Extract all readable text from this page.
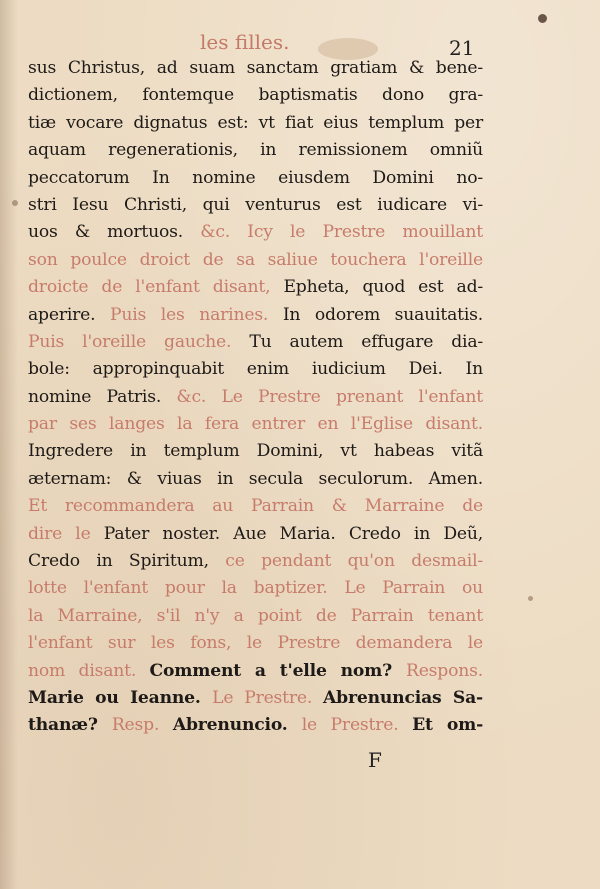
les filles.	21
sus Christus, ad suam sanctam gratiam & bene-
dictionem, fontemque baptismatis dono gra-
tiæ vocare dignatus est: vt fiat eius templum per
aquam regenerationis, in remissionem omniũ
peccatorum In nomine eiusdem Domini no-
stri Iesu Christi, qui venturus est iudicare vi-
uos & mortuos. &c. Icy le Prestre mouillant
son poulce droict de sa saliue touchera l'oreille
droicte de l'enfant disant, Ephеta, quod est ad-
aperire. Puis les narines. In odorem suauitatis.
Puis l'oreille gauche. Tu autem effugare dia-
bole: appropinquabit enim iudicium Dei. In
nomine Patris. &c. Le Prestre prenant l'enfant
par ses langes la fera entrer en l'Eglise disant.
Ingredere in templum Domini, vt habeas vitã
æternam: & viuas in secula seculorum. Amen.
Et recommandera au Parrain & Marraine de
dire le Pater noster. Aue Maria. Credo in Deũ,
Credo in Spiritum, ce pendant qu'on desmail-
lotte l'enfant pour la baptizer. Le Parrain ou
la Marraine, s'il n'y a point de Parrain tenant
l'enfant sur les fons, le Prestre demandera le
nom disant. Comment a t'elle nom? Respons.
Marie ou Ieanne. Le Prestre. Abrenuncias Sa-
thanæ? Resp. Abrenuncio. le Prestre. Et om-
F
